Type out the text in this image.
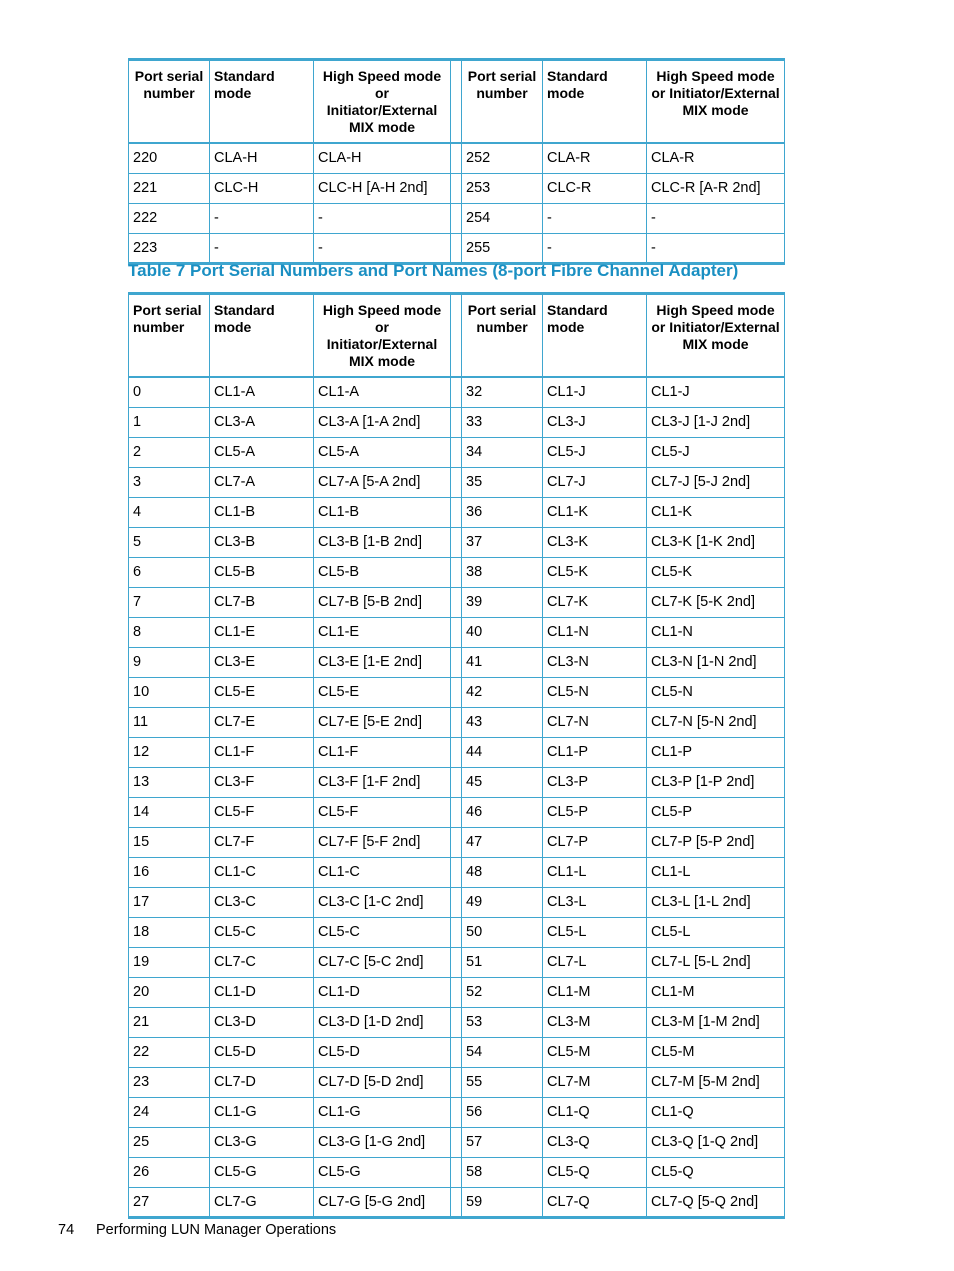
Port serial number	Standard mode	High Speed mode or Initiator/External MIX mode		Port serial number	Standard mode	High Speed mode or Initiator/External MIX mode
220	CLA-H	CLA-H		252	CLA-R	CLA-R
221	CLC-H	CLC-H [A-H 2nd]		253	CLC-R	CLC-R [A-R 2nd]
222	-	-		254	-	-
223	-	-		255	-	-
Table 7 Port Serial Numbers and Port Names (8-port Fibre Channel Adapter)
Port serial number	Standard mode	High Speed mode or Initiator/External MIX mode		Port serial number	Standard mode	High Speed mode or Initiator/External MIX mode
0	CL1-A	CL1-A		32	CL1-J	CL1-J
1	CL3-A	CL3-A [1-A 2nd]		33	CL3-J	CL3-J [1-J 2nd]
2	CL5-A	CL5-A		34	CL5-J	CL5-J
3	CL7-A	CL7-A [5-A 2nd]		35	CL7-J	CL7-J [5-J 2nd]
4	CL1-B	CL1-B		36	CL1-K	CL1-K
5	CL3-B	CL3-B [1-B 2nd]		37	CL3-K	CL3-K [1-K 2nd]
6	CL5-B	CL5-B		38	CL5-K	CL5-K
7	CL7-B	CL7-B [5-B 2nd]		39	CL7-K	CL7-K [5-K 2nd]
8	CL1-E	CL1-E		40	CL1-N	CL1-N
9	CL3-E	CL3-E [1-E 2nd]		41	CL3-N	CL3-N [1-N 2nd]
10	CL5-E	CL5-E		42	CL5-N	CL5-N
11	CL7-E	CL7-E [5-E 2nd]		43	CL7-N	CL7-N [5-N 2nd]
12	CL1-F	CL1-F		44	CL1-P	CL1-P
13	CL3-F	CL3-F [1-F 2nd]		45	CL3-P	CL3-P [1-P 2nd]
14	CL5-F	CL5-F		46	CL5-P	CL5-P
15	CL7-F	CL7-F [5-F 2nd]		47	CL7-P	CL7-P [5-P 2nd]
16	CL1-C	CL1-C		48	CL1-L	CL1-L
17	CL3-C	CL3-C [1-C 2nd]		49	CL3-L	CL3-L [1-L 2nd]
18	CL5-C	CL5-C		50	CL5-L	CL5-L
19	CL7-C	CL7-C [5-C 2nd]		51	CL7-L	CL7-L [5-L 2nd]
20	CL1-D	CL1-D		52	CL1-M	CL1-M
21	CL3-D	CL3-D [1-D 2nd]		53	CL3-M	CL3-M [1-M 2nd]
22	CL5-D	CL5-D		54	CL5-M	CL5-M
23	CL7-D	CL7-D [5-D 2nd]		55	CL7-M	CL7-M [5-M 2nd]
24	CL1-G	CL1-G		56	CL1-Q	CL1-Q
25	CL3-G	CL3-G [1-G 2nd]		57	CL3-Q	CL3-Q [1-Q 2nd]
26	CL5-G	CL5-G		58	CL5-Q	CL5-Q
27	CL7-G	CL7-G [5-G 2nd]		59	CL7-Q	CL7-Q [5-Q 2nd]
74 Performing LUN Manager Operations
